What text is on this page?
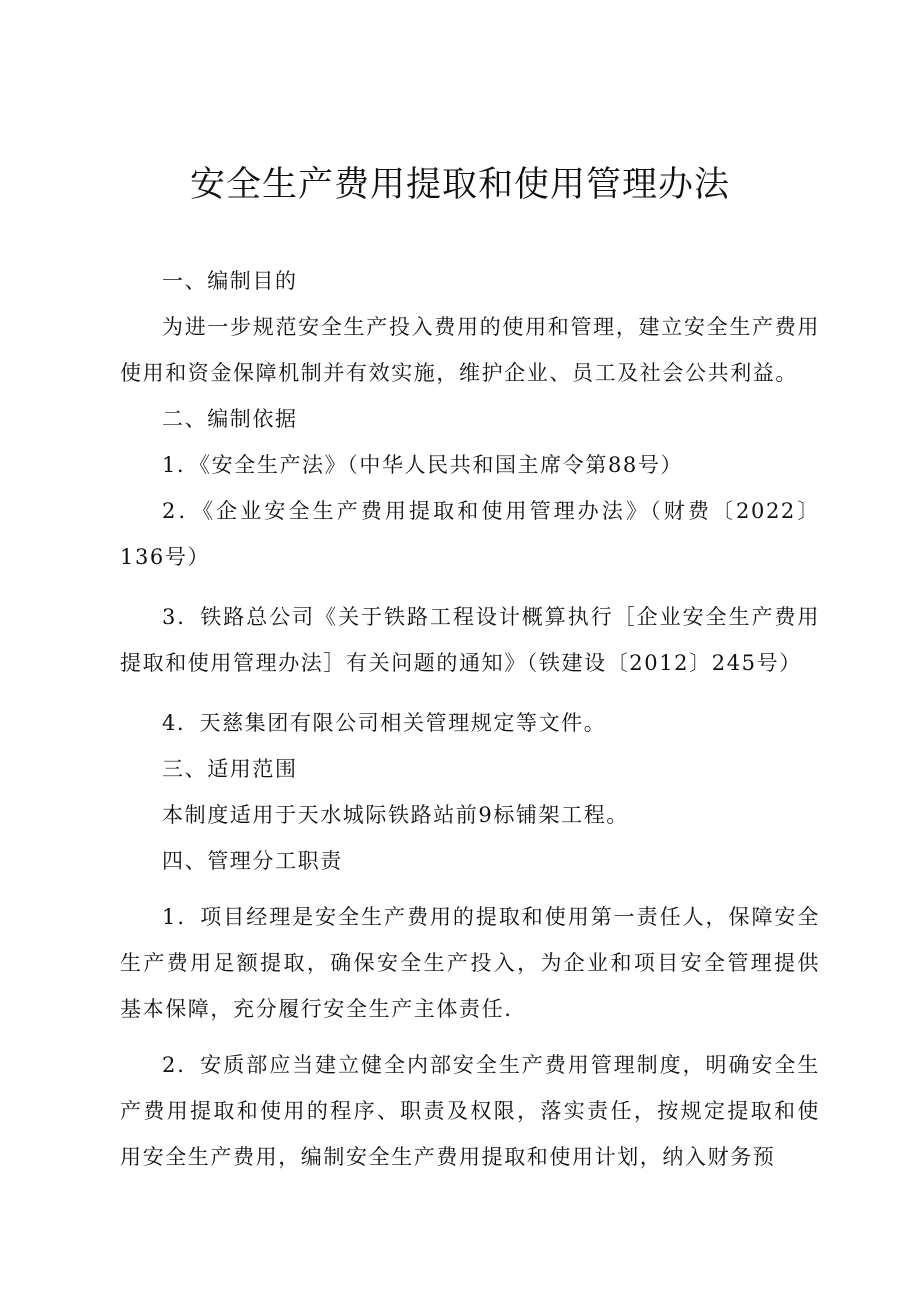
安全生产费用提取和使用管理办法

一、编制目的

为进一步规范安全生产投入费用的使用和管理，建立安全生产费用使用和资金保障机制并有效实施，维护企业、员工及社会公共利益。

二、编制依据

1．《安全生产法》（中华人民共和国主席令第88号）

2．《企业安全生产费用提取和使用管理办法》（财费〔2022〕136号）

3．铁路总公司《关于铁路工程设计概算执行［企业安全生产费用提取和使用管理办法］有关问题的通知》（铁建设〔2012〕245号）

4．天慈集团有限公司相关管理规定等文件。

三、适用范围

本制度适用于天水城际铁路站前9标铺架工程。

四、管理分工职责

1．项目经理是安全生产费用的提取和使用第一责任人，保障安全生产费用足额提取，确保安全生产投入，为企业和项目安全管理提供基本保障，充分履行安全生产主体责任.

2．安质部应当建立健全内部安全生产费用管理制度，明确安全生产费用提取和使用的程序、职责及权限，落实责任，按规定提取和使用安全生产费用，编制安全生产费用提取和使用计划，纳入财务预
